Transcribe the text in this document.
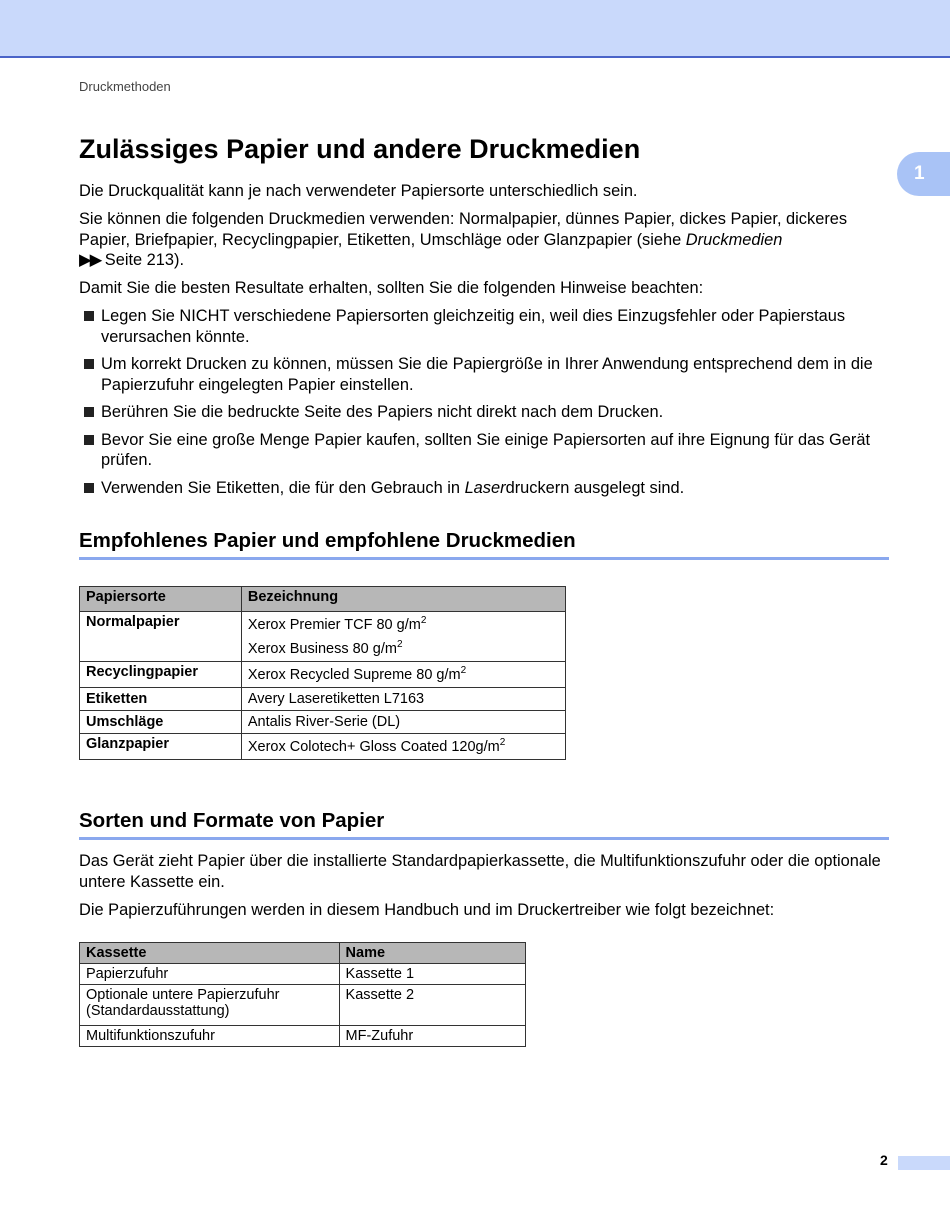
Druckmethoden
1
Zulässiges Papier und andere Druckmedien

Die Druckqualität kann je nach verwendeter Papiersorte unterschiedlich sein.

Sie können die folgenden Druckmedien verwenden: Normalpapier, dünnes Papier, dickes Papier, dickeres Papier, Briefpapier, Recyclingpapier, Etiketten, Umschläge oder Glanzpapier (siehe Druckmedien
▶▶ Seite 213).

Damit Sie die besten Resultate erhalten, sollten Sie die folgenden Hinweise beachten:

Legen Sie NICHT verschiedene Papiersorten gleichzeitig ein, weil dies Einzugsfehler oder Papierstaus verursachen könnte.
Um korrekt Drucken zu können, müssen Sie die Papiergröße in Ihrer Anwendung entsprechend dem in die Papierzufuhr eingelegten Papier einstellen.
Berühren Sie die bedruckte Seite des Papiers nicht direkt nach dem Drucken.
Bevor Sie eine große Menge Papier kaufen, sollten Sie einige Papiersorten auf ihre Eignung für das Gerät prüfen.
Verwenden Sie Etiketten, die für den Gebrauch in Laserdruckern ausgelegt sind.
Empfohlenes Papier und empfohlene Druckmedien
Papiersorte	Bezeichnung
Normalpapier	Xerox Premier TCF 80 $g/m^2$
Xerox Business 80 $g/m^2$

Recyclingpapier	Xerox Recycled Supreme 80 $g/m^2$
Etiketten	Avery Laseretiketten L7163
Umschläge	Antalis River-Serie (DL)
Glanzpapier	Xerox Colotech+ Gloss Coated $120g/m^2$
Sorten und Formate von Papier

Das Gerät zieht Papier über die installierte Standardpapierkassette, die Multifunktionszufuhr oder die optionale untere Kassette ein.

Die Papierzuführungen werden in diesem Handbuch und im Druckertreiber wie folgt bezeichnet:

Kassette	Name
Papierzufuhr	Kassette 1
Optionale untere Papierzufuhr
(Standardausstattung)	Kassette 2
Multifunktionszufuhr	MF-Zufuhr
2
